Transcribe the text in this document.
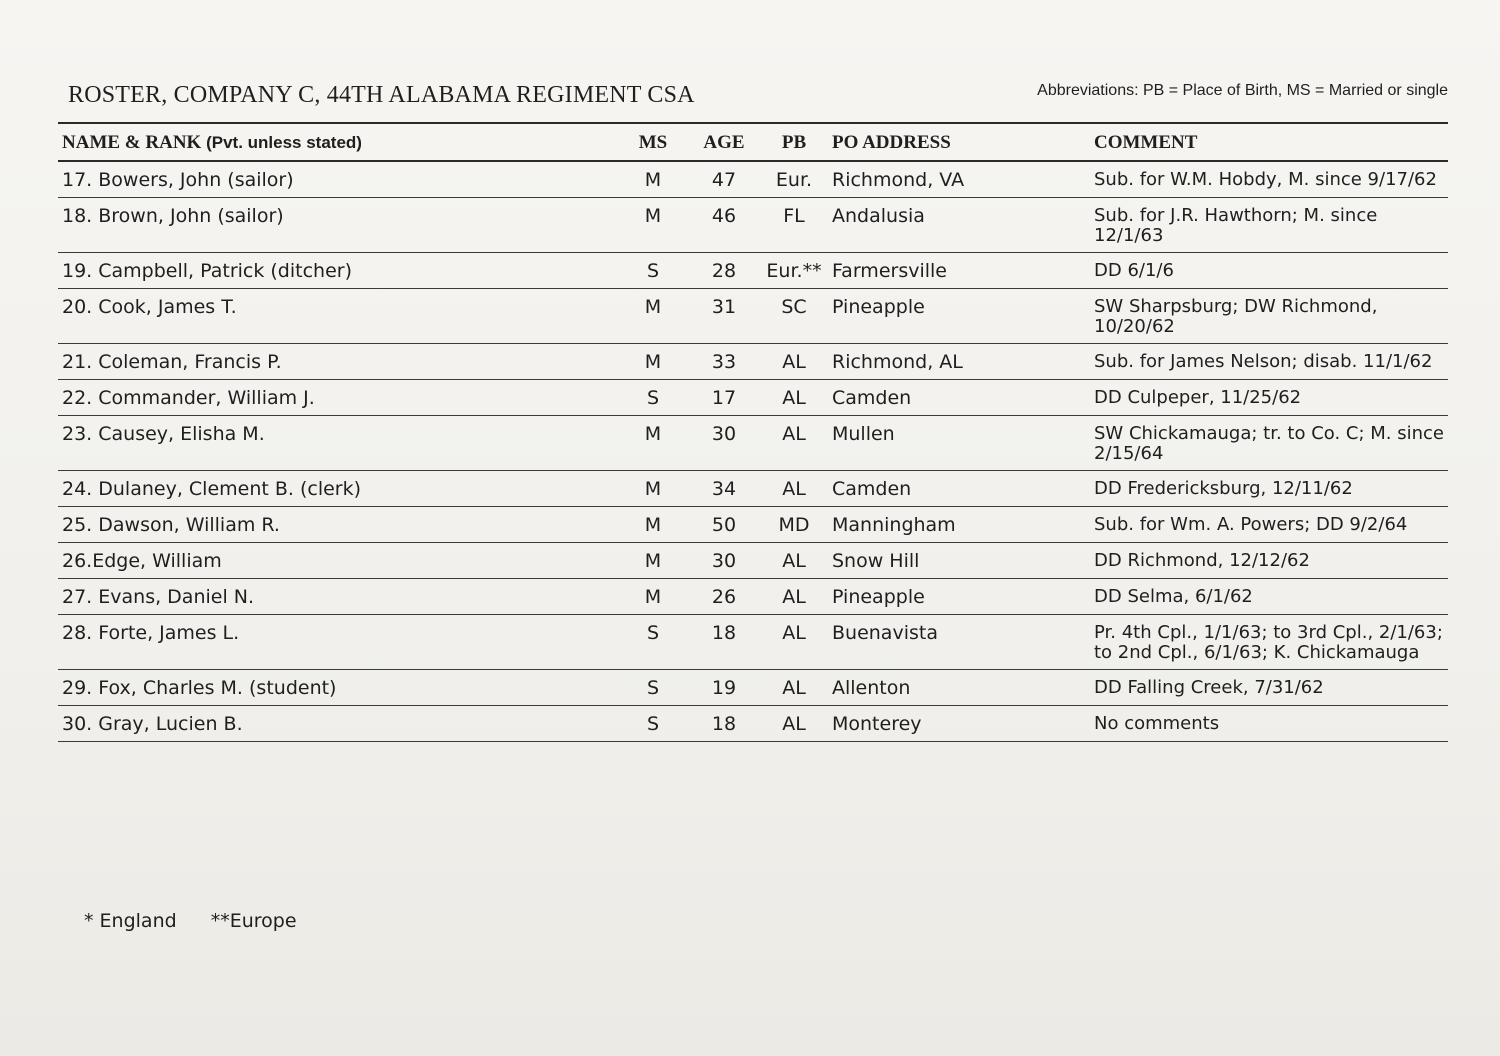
ROSTER, COMPANY C, 44TH ALABAMA REGIMENT CSA	Abbreviations: PB = Place of Birth, MS = Married or single
NAME & RANK (Pvt. unless stated)	MS	AGE	PB	PO ADDRESS	COMMENT
17. Bowers, John (sailor)	M	47	Eur.	Richmond, VA	Sub. for W.M. Hobdy, M. since 9/17/62
18. Brown, John (sailor)	M	46	FL	Andalusia	Sub. for J.R. Hawthorn; M. since 12/1/63
19. Campbell, Patrick (ditcher)	S	28	Eur.**	Farmersville	DD 6/1/6
20. Cook, James T.	M	31	SC	Pineapple	SW Sharpsburg; DW Richmond, 10/20/62
21. Coleman, Francis P.	M	33	AL	Richmond, AL	Sub. for James Nelson; disab. 11/1/62
22. Commander, William J.	S	17	AL	Camden	DD Culpeper, 11/25/62
23. Causey, Elisha M.	M	30	AL	Mullen	SW Chickamauga; tr. to Co. C; M. since 2/15/64
24. Dulaney, Clement B. (clerk)	M	34	AL	Camden	DD Fredericksburg, 12/11/62
25. Dawson, William R.	M	50	MD	Manningham	Sub. for Wm. A. Powers; DD 9/2/64
26.Edge, William	M	30	AL	Snow Hill	DD Richmond, 12/12/62
27. Evans, Daniel N.	M	26	AL	Pineapple	DD Selma, 6/1/62
28. Forte, James L.	S	18	AL	Buenavista	Pr. 4th Cpl., 1/1/63; to 3rd Cpl., 2/1/63; to 2nd Cpl., 6/1/63; K. Chickamauga
29. Fox, Charles M. (student)	S	19	AL	Allenton	DD Falling Creek, 7/31/62
30. Gray, Lucien B.	S	18	AL	Monterey	No comments
* England **Europe
